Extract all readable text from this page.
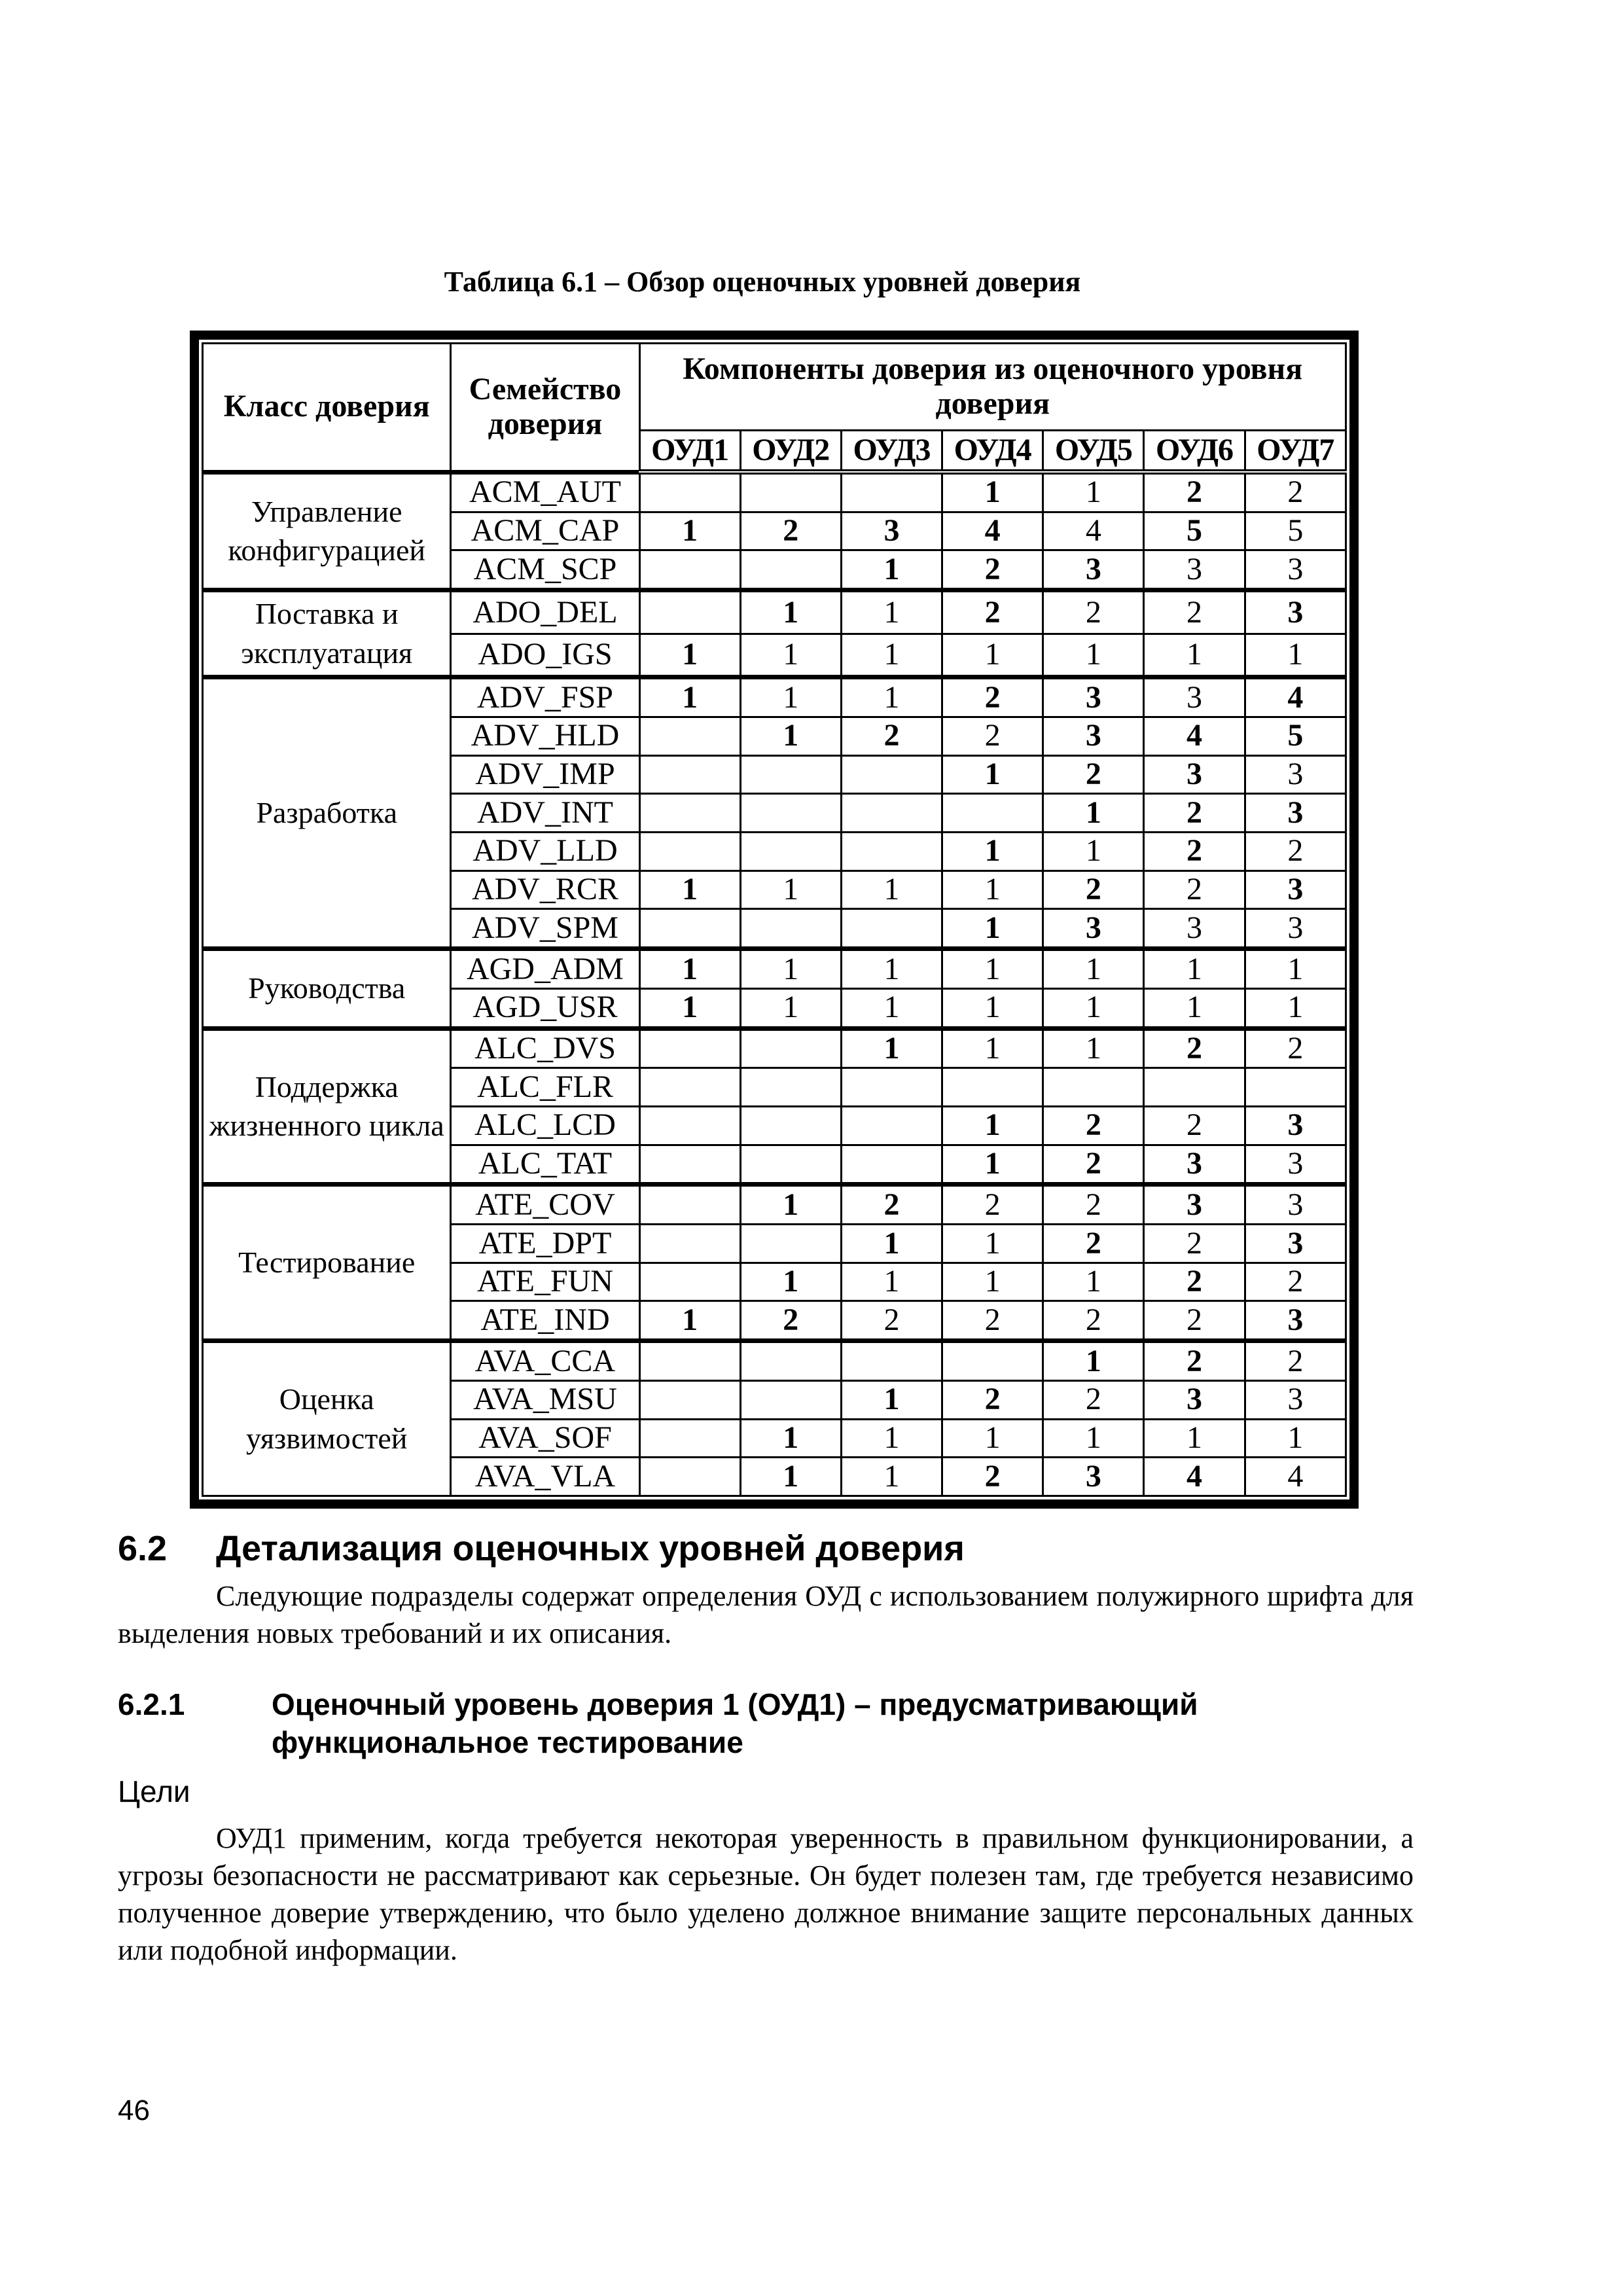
Таблица 6.1 – Обзор оценочных уровней доверия
Класс доверия	Семейство доверия	Компоненты доверия из оценочного уровня доверия						
		ОУД1	ОУД2	ОУД3	ОУД4	ОУД5	ОУД6	ОУД7
Управление конфигурацией	ACM_AUT				1	1	2	2
	ACM_CAP	1	2	3	4	4	5	5
	ACM_SCP			1	2	3	3	3
Поставка и эксплуатация	ADO_DEL		1	1	2	2	2	3
	ADO_IGS	1	1	1	1	1	1	1
Разработка	ADV_FSP	1	1	1	2	3	3	4
	ADV_HLD		1	2	2	3	4	5
	ADV_IMP				1	2	3	3
	ADV_INT					1	2	3
	ADV_LLD				1	1	2	2
	ADV_RCR	1	1	1	1	2	2	3
	ADV_SPM				1	3	3	3
Руководства	AGD_ADM	1	1	1	1	1	1	1
	AGD_USR	1	1	1	1	1	1	1
Поддержка жизненного цикла	ALC_DVS			1	1	1	2	2
	ALC_FLR							
	ALC_LCD				1	2	2	3
	ALC_TAT				1	2	3	3
Тестирование	ATE_COV		1	2	2	2	3	3
	ATE_DPT			1	1	2	2	3
	ATE_FUN		1	1	1	1	2	2
	ATE_IND	1	2	2	2	2	2	3
Оценка уязвимостей	AVA_CCA					1	2	2
	AVA_MSU			1	2	2	3	3
	AVA_SOF		1	1	1	1	1	1
	AVA_VLA		1	1	2	3	4	4
6.2 Детализация оценочных уровней доверия
Следующие подразделы содержат определения ОУД с использованием полужирного шрифта для выделения новых требований и их описания.
6.2.1	Оценочный уровень доверия 1 (ОУД1) – предусматривающий функциональное тестирование
Цели
ОУД1 применим, когда требуется некоторая уверенность в правильном функционировании, а угрозы безопасности не рассматривают как серьезные. Он будет полезен там, где требуется независимо полученное доверие утверждению, что было уделено должное внимание защите персональных данных или подобной информации.
46
